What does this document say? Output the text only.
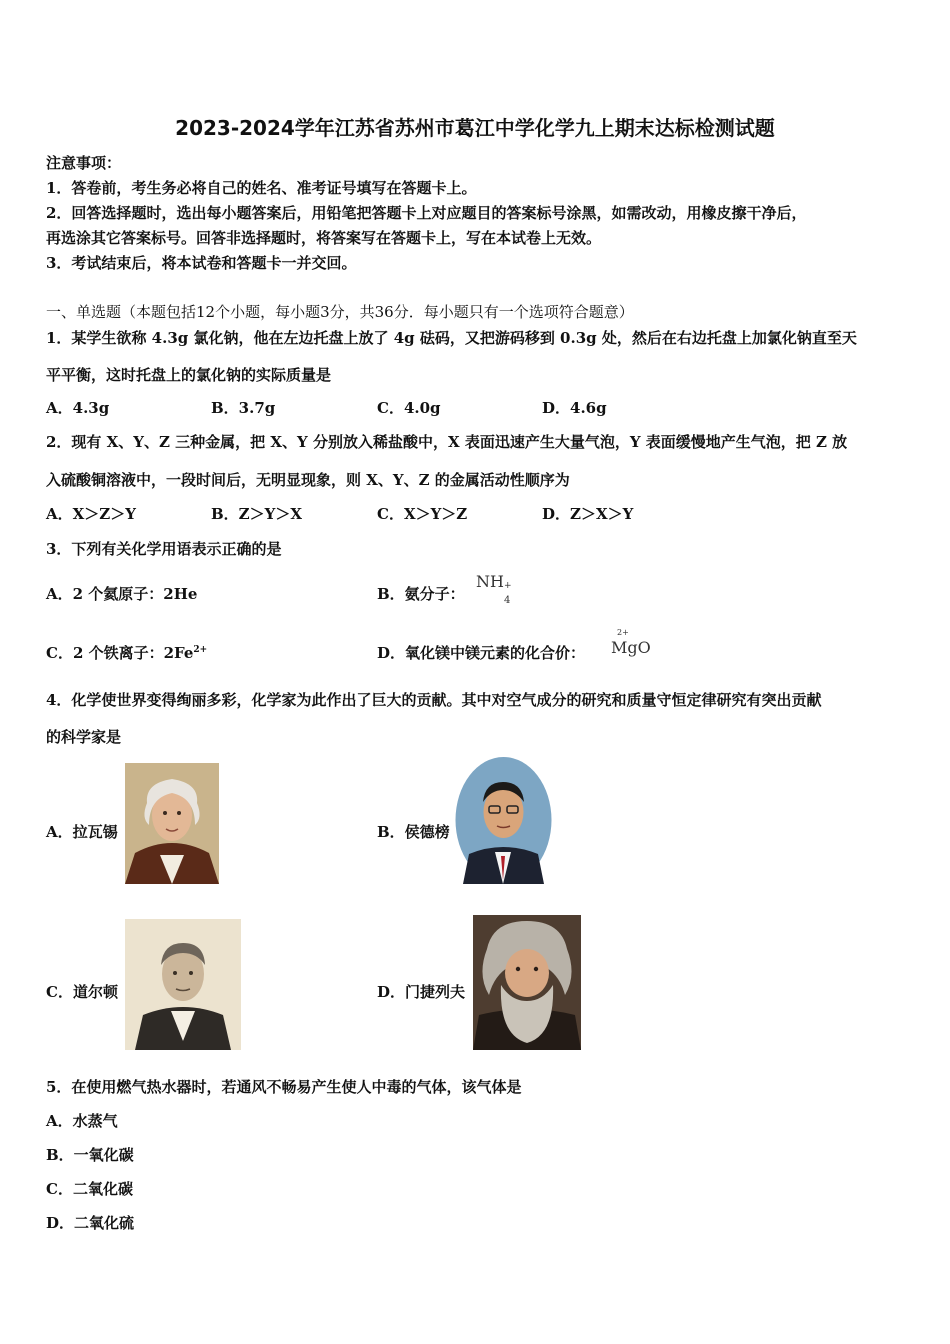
2023-2024学年江苏省苏州市葛江中学化学九上期末达标检测试题
注意事项：
1．答卷前，考生务必将自己的姓名、准考证号填写在答题卡上。
2．回答选择题时，选出每小题答案后，用铅笔把答题卡上对应题目的答案标号涂黑，如需改动，用橡皮擦干净后，
再选涂其它答案标号。回答非选择题时，将答案写在答题卡上，写在本试卷上无效。
3．考试结束后，将本试卷和答题卡一并交回。
一、单选题（本题包括12个小题，每小题3分，共36分．每小题只有一个选项符合题意）
1．某学生欲称 4.3g 氯化钠，他在左边托盘上放了 4g 砝码，又把游码移到 0.3g 处，然后在右边托盘上加氯化钠直至天
平平衡，这时托盘上的氯化钠的实际质量是
A．4.3g	B．3.7g	C．4.0g	D．4.6g
2．现有 X、Y、Z 三种金属，把 X、Y 分别放入稀盐酸中，X 表面迅速产生大量气泡，Y 表面缓慢地产生气泡，把 Z 放
入硫酸铜溶液中，一段时间后，无明显现象，则 X、Y、Z 的金属活动性顺序为
A．X＞Z＞Y	B．Z＞Y＞X	C．X＞Y＞Z	D．Z＞X＞Y
3．下列有关化学用语表示正确的是
A．2 个氦原子：2He	B．氨分子：
NH +
4
C．2 个铁离子：$2Fe^{2+}$	D．氧化镁中镁元素的化合价：
2+
MgO
4．化学使世界变得绚丽多彩，化学家为此作出了巨大的贡献。其中对空气成分的研究和质量守恒定律研究有突出贡献
的科学家是
A．拉瓦锡	B．侯德榜
C．道尔顿	D．门捷列夫
5．在使用燃气热水器时，若通风不畅易产生使人中毒的气体，该气体是
A．水蒸气
B．一氧化碳
C．二氧化碳
D．二氧化硫
